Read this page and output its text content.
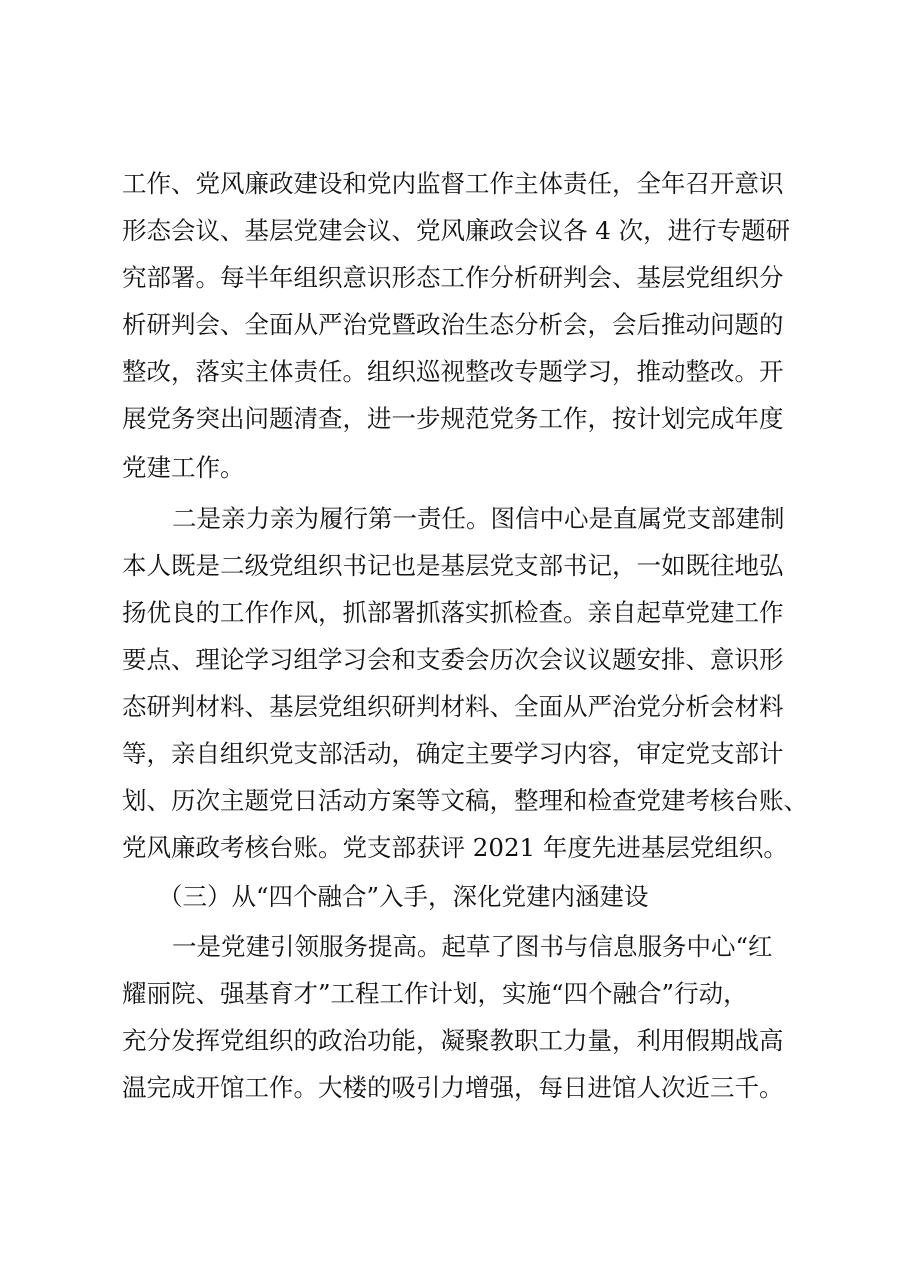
工作、党风廉政建设和党内监督工作主体责任，全年召开意识
形态会议、基层党建会议、党风廉政会议各 4 次，进行专题研
究部署。每半年组织意识形态工作分析研判会、基层党组织分
析研判会、全面从严治党暨政治生态分析会，会后推动问题的
整改，落实主体责任。组织巡视整改专题学习，推动整改。开
展党务突出问题清查，进一步规范党务工作，按计划完成年度
党建工作。
二是亲力亲为履行第一责任。图信中心是直属党支部建制
本人既是二级党组织书记也是基层党支部书记，一如既往地弘
扬优良的工作作风，抓部署抓落实抓检查。亲自起草党建工作
要点、理论学习组学习会和支委会历次会议议题安排、意识形
态研判材料、基层党组织研判材料、全面从严治党分析会材料
等，亲自组织党支部活动，确定主要学习内容，审定党支部计
划、历次主题党日活动方案等文稿，整理和检查党建考核台账、
党风廉政考核台账。党支部获评 2021 年度先进基层党组织。
（三）从“四个融合”入手，深化党建内涵建设
一是党建引领服务提高。起草了图书与信息服务中心“红
耀丽院、强基育才”工程工作计划，实施“四个融合”行动，
充分发挥党组织的政治功能，凝聚教职工力量，利用假期战高
温完成开馆工作。大楼的吸引力增强，每日进馆人次近三千。
